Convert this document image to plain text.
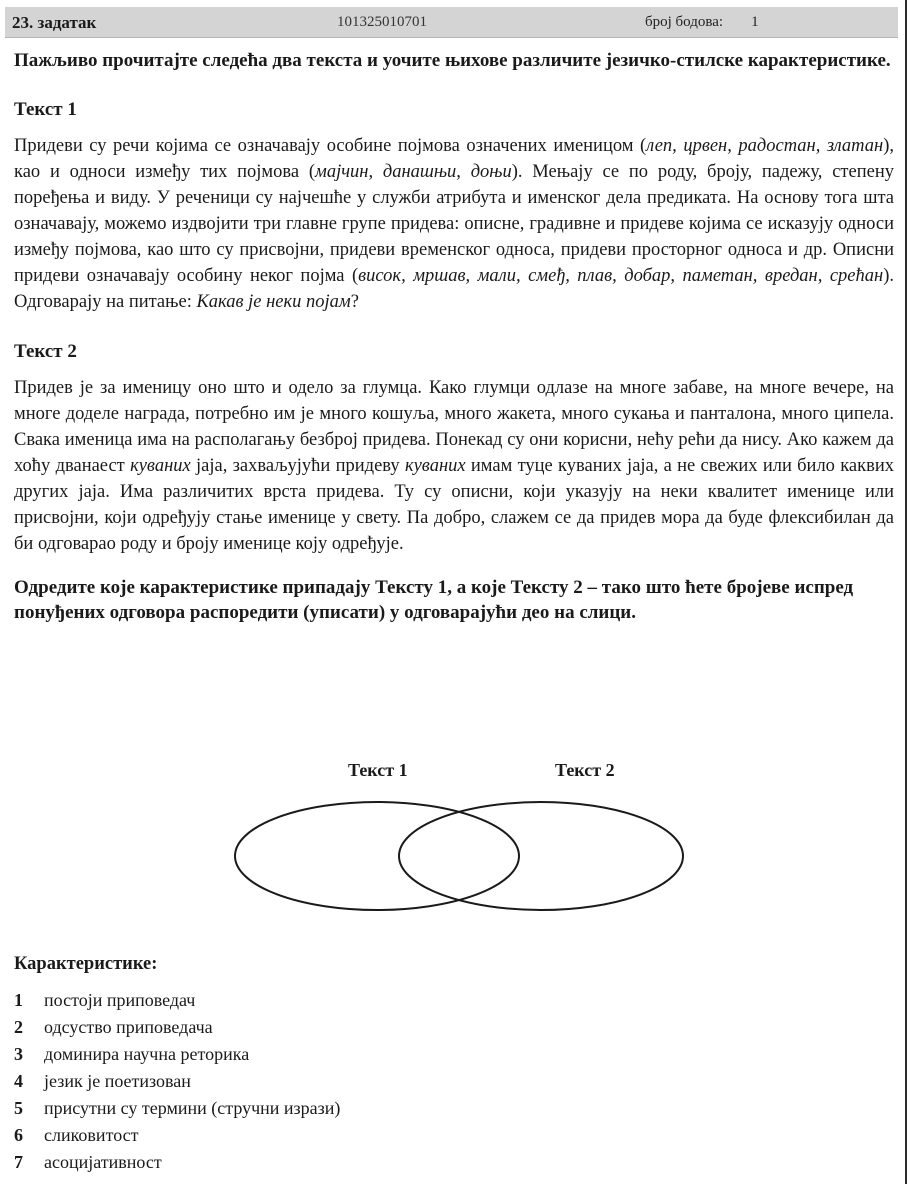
23. задатак	101325010701	број бодова: 1

Пажљиво прочитајте следећа два текста и уочите њихове различите језичко-стилске карактеристике.

Текст 1

Придеви су речи којима се означавају особине појмова означених именицом (леп, црвен, радостан, златан), као и односи између тих појмова (мајчин, данашњи, доњи). Мењају се по роду, броју, падежу, степену поређења и виду. У реченици су најчешће у служби атрибута и именског дела предиката. На основу тога шта означавају, можемо издвојити три главне групе придева: описне, градивне и придеве којима се исказују односи између појмова, као што су присвојни, придеви временског односа, придеви просторног односа и др. Описни придеви означавају особину неког појма (висок, мршав, мали, смеђ, плав, добар, паметан, вредан, срећан). Одговарају на питање: Какав је неки појам?

Текст 2

Придев је за именицу оно што и одело за глумца. Како глумци одлазе на многе забаве, на многе вечере, на многе доделе награда, потребно им је много кошуља, много жакета, много сукања и панталона, много ципела. Свака именица има на располагању безброј придева. Понекад су они корисни, нећу рећи да нису. Ако кажем да хоћу дванаест куваних јаја, захваљујући придеву куваних имам туце куваних јаја, а не свежих или било каквих других јаја. Има различитих врста придева. Ту су описни, који указују на неки квалитет именице или присвојни, који одређују стање именице у свету. Па добро, слажем се да придев мора да буде флексибилан да би одговарао роду и броју именице коју одређује.

Одредите које карактеристике припадају Тексту 1, а које Тексту 2 – тако што ћете бројеве испред понуђених одговора распоредити (уписати) у одговарајући део на слици.

Текст 1	Текст 2
Карактеристике:
1 постоји приповедач
2 одсуство приповедача
3 доминира научна реторика
4 језик је поетизован
5 присутни су термини (стручни изрази)
6 сликовитост
7 асоцијативност
